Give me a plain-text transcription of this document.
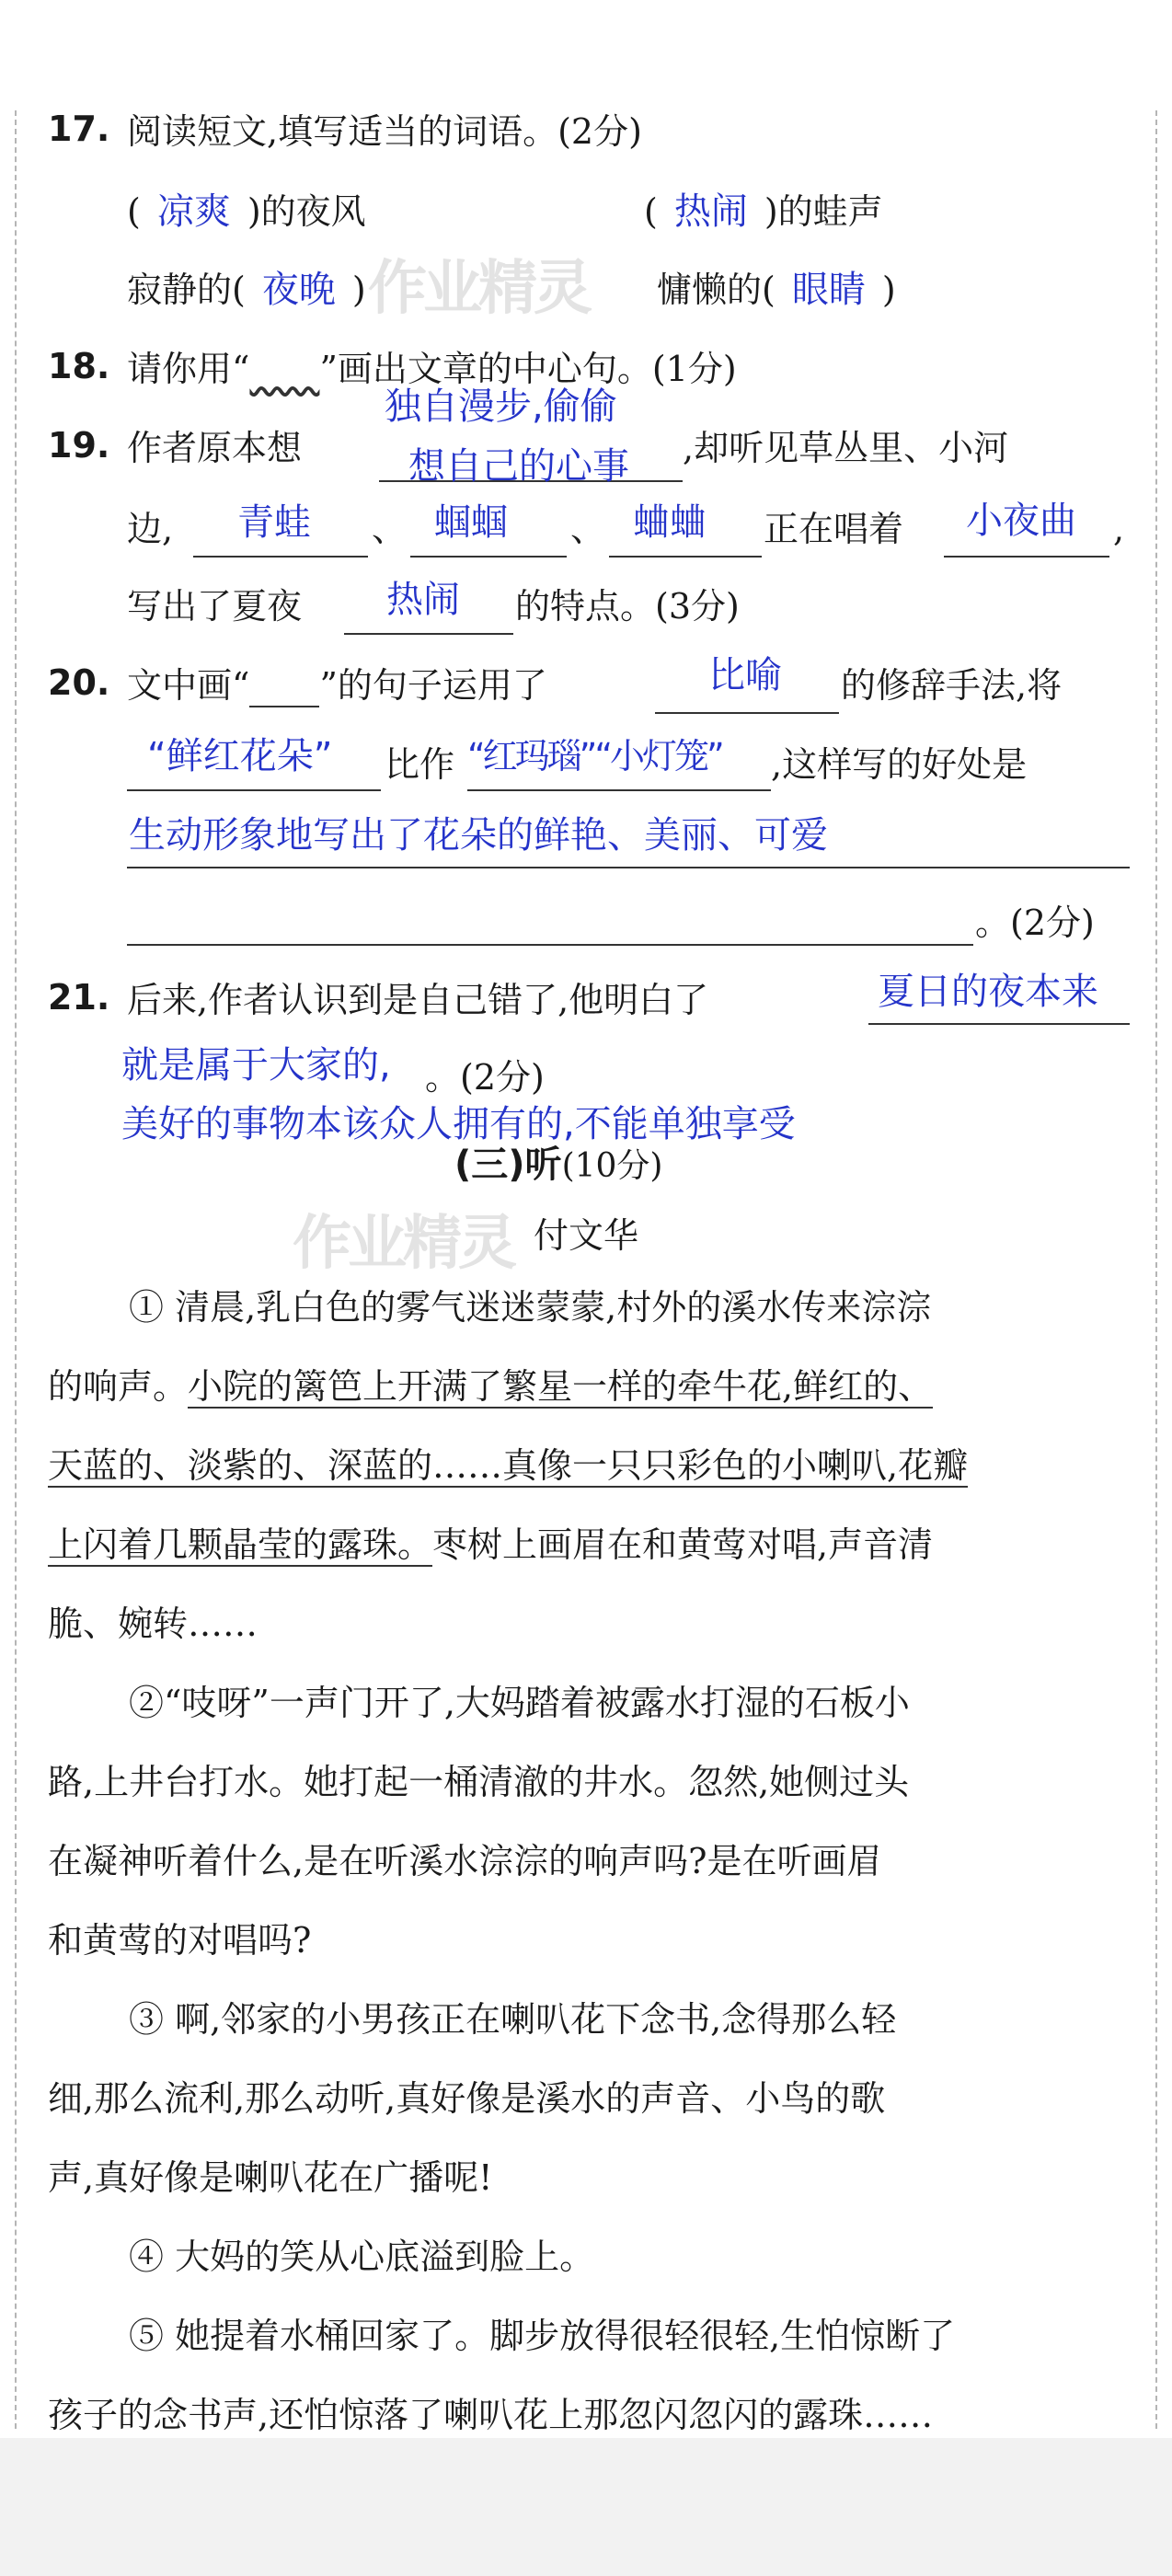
作业精灵
作业精灵
17. 阅读短文,填写适当的词语。(2分)
( 凉爽 )的夜风	( 热闹 )的蛙声
寂静的( 夜晚 )	慵懒的( 眼睛 )
18. 请你用“ ”画出文章的中心句。(1分)
独自漫步,偷偷
19. 作者原本想	想自己的心事 ,却听见草丛里、小河
边, 青蛙 、 蝈蝈 、 蛐蛐 正在唱着 小夜曲 ,
写出了夏夜 热闹 的特点。(3分)
20. 文中画“ ”的句子运用了	比喻 的修辞手法,将
“鲜红花朵” 比作 “红玛瑙”“小灯笼” ,这样写的好处是
生动形象地写出了花朵的鲜艳、美丽、可爱
。(2分)
21. 后来,作者认识到是自己错了,他明白了	夏日的夜本来
就是属于大家的, 。(2分)
美好的事物本该众人拥有的,不能单独享受
(三)听(10分)
付文华
① 清晨,乳白色的雾气迷迷蒙蒙,村外的溪水传来淙淙
的响声。小院的篱笆上开满了繁星一样的牵牛花,鲜红的、
天蓝的、淡紫的、深蓝的……真像一只只彩色的小喇叭,花瓣
上闪着几颗晶莹的露珠。枣树上画眉在和黄莺对唱,声音清
脆、婉转……
②“吱呀”一声门开了,大妈踏着被露水打湿的石板小
路,上井台打水。她打起一桶清澈的井水。忽然,她侧过头
在凝神听着什么,是在听溪水淙淙的响声吗?是在听画眉
和黄莺的对唱吗?
③ 啊,邻家的小男孩正在喇叭花下念书,念得那么轻
细,那么流利,那么动听,真好像是溪水的声音、小鸟的歌
声,真好像是喇叭花在广播呢!
④ 大妈的笑从心底溢到脸上。
⑤ 她提着水桶回家了。脚步放得很轻很轻,生怕惊断了
孩子的念书声,还怕惊落了喇叭花上那忽闪忽闪的露珠……
